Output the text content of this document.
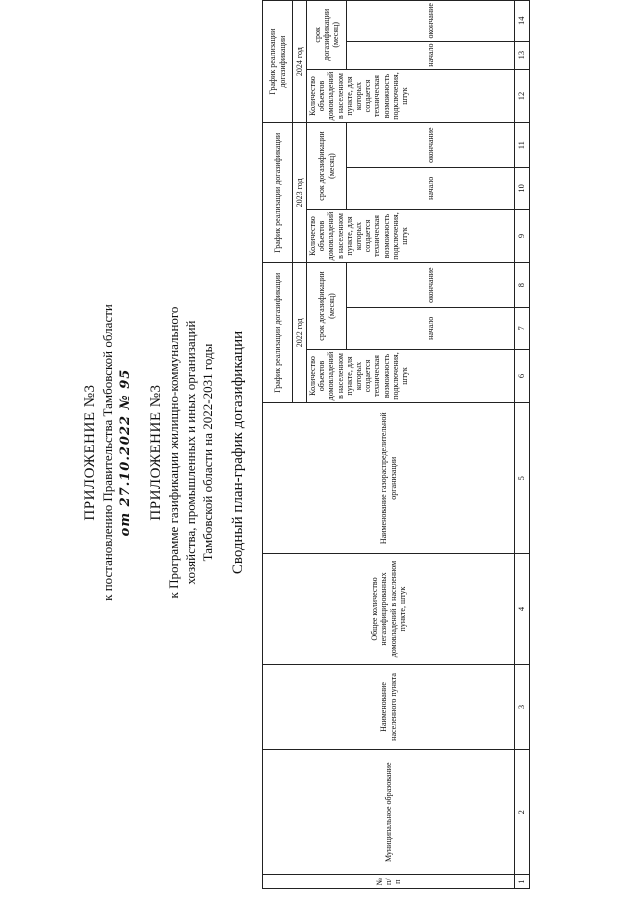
ПРИЛОЖЕНИЕ №3 к постановлению Правительства Тамбовской области от 27.10.2022 № 95 ПРИЛОЖЕНИЕ №3 к Программе газификации жилищно-коммунального хозяйства, промышленных и иных организаций Тамбовской области на 2022-2031 годы Сводный план-график догазификации
№ п/п	Муниципальное образование	Наименование населенного пункта	Общее количество негазифицированных домовладений в населенном пункте, штук	Наименование газораспределительной организации	График реализации догазификации			График реализации догазификации			График реализации догазификации		
					2022 год			2023 год			2024 год		
					Количество объектов домовладений в населенном пункте, для которых создается техническая возможность подключения, штук	срок догазификации (месяц)		Количество объектов домовладений в населенном пункте, для которых создается техническая возможность подключения, штук	срок догазификации (месяц)		Количество объектов домовладений в населенном пункте, для которых создается техническая возможность подключения, штук	срок догазификации (месяц)	
						начало	окончание		начало	окончание		начало	окончание
1	2	3	4	5	6	7	8	9	10	11	12	13	14
